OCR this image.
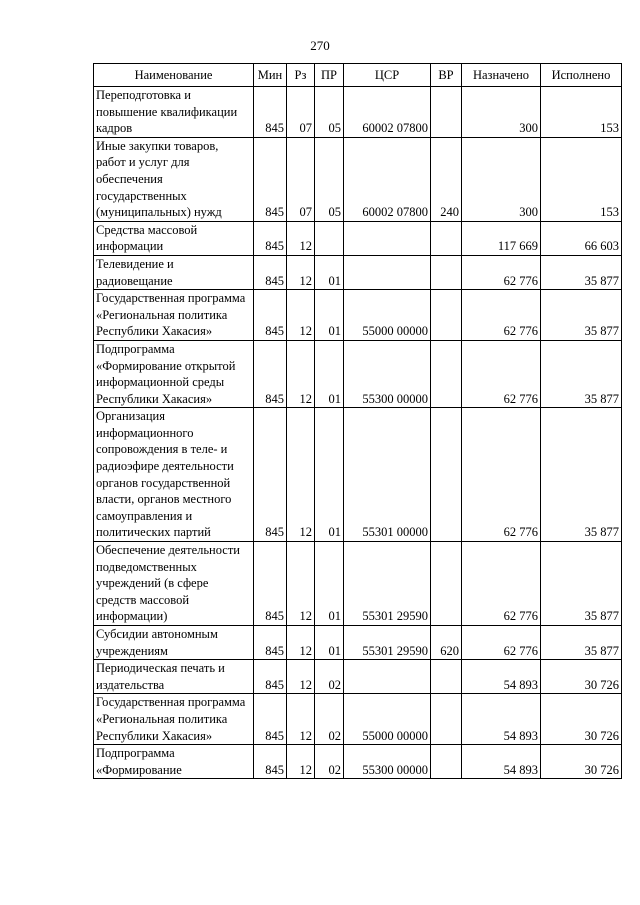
270
Наименование	Мин	Рз	ПР	ЦСР	ВР	Назначено	Исполнено
Переподготовка и повышение квалификации кадров	845	07	05	60002 07800		300	153
Иные закупки товаров, работ и услуг для обеспечения государственных (муниципальных) нужд	845	07	05	60002 07800	240	300	153
Средства массовой информации	845	12				117 669	66 603
Телевидение и радиовещание	845	12	01			62 776	35 877
Государственная программа «Региональная политика Республики Хакасия»	845	12	01	55000 00000		62 776	35 877
Подпрограмма «Формирование открытой информационной среды Республики Хакасия»	845	12	01	55300 00000		62 776	35 877
Организация информационного сопровождения в теле- и радиоэфире деятельности органов государственной власти, органов местного самоуправления и политических партий	845	12	01	55301 00000		62 776	35 877
Обеспечение деятельности подведомственных учреждений (в сфере средств массовой информации)	845	12	01	55301 29590		62 776	35 877
Субсидии автономным учреждениям	845	12	01	55301 29590	620	62 776	35 877
Периодическая печать и издательства	845	12	02			54 893	30 726
Государственная программа «Региональная политика Республики Хакасия»	845	12	02	55000 00000		54 893	30 726
Подпрограмма «Формирование	845	12	02	55300 00000		54 893	30 726
